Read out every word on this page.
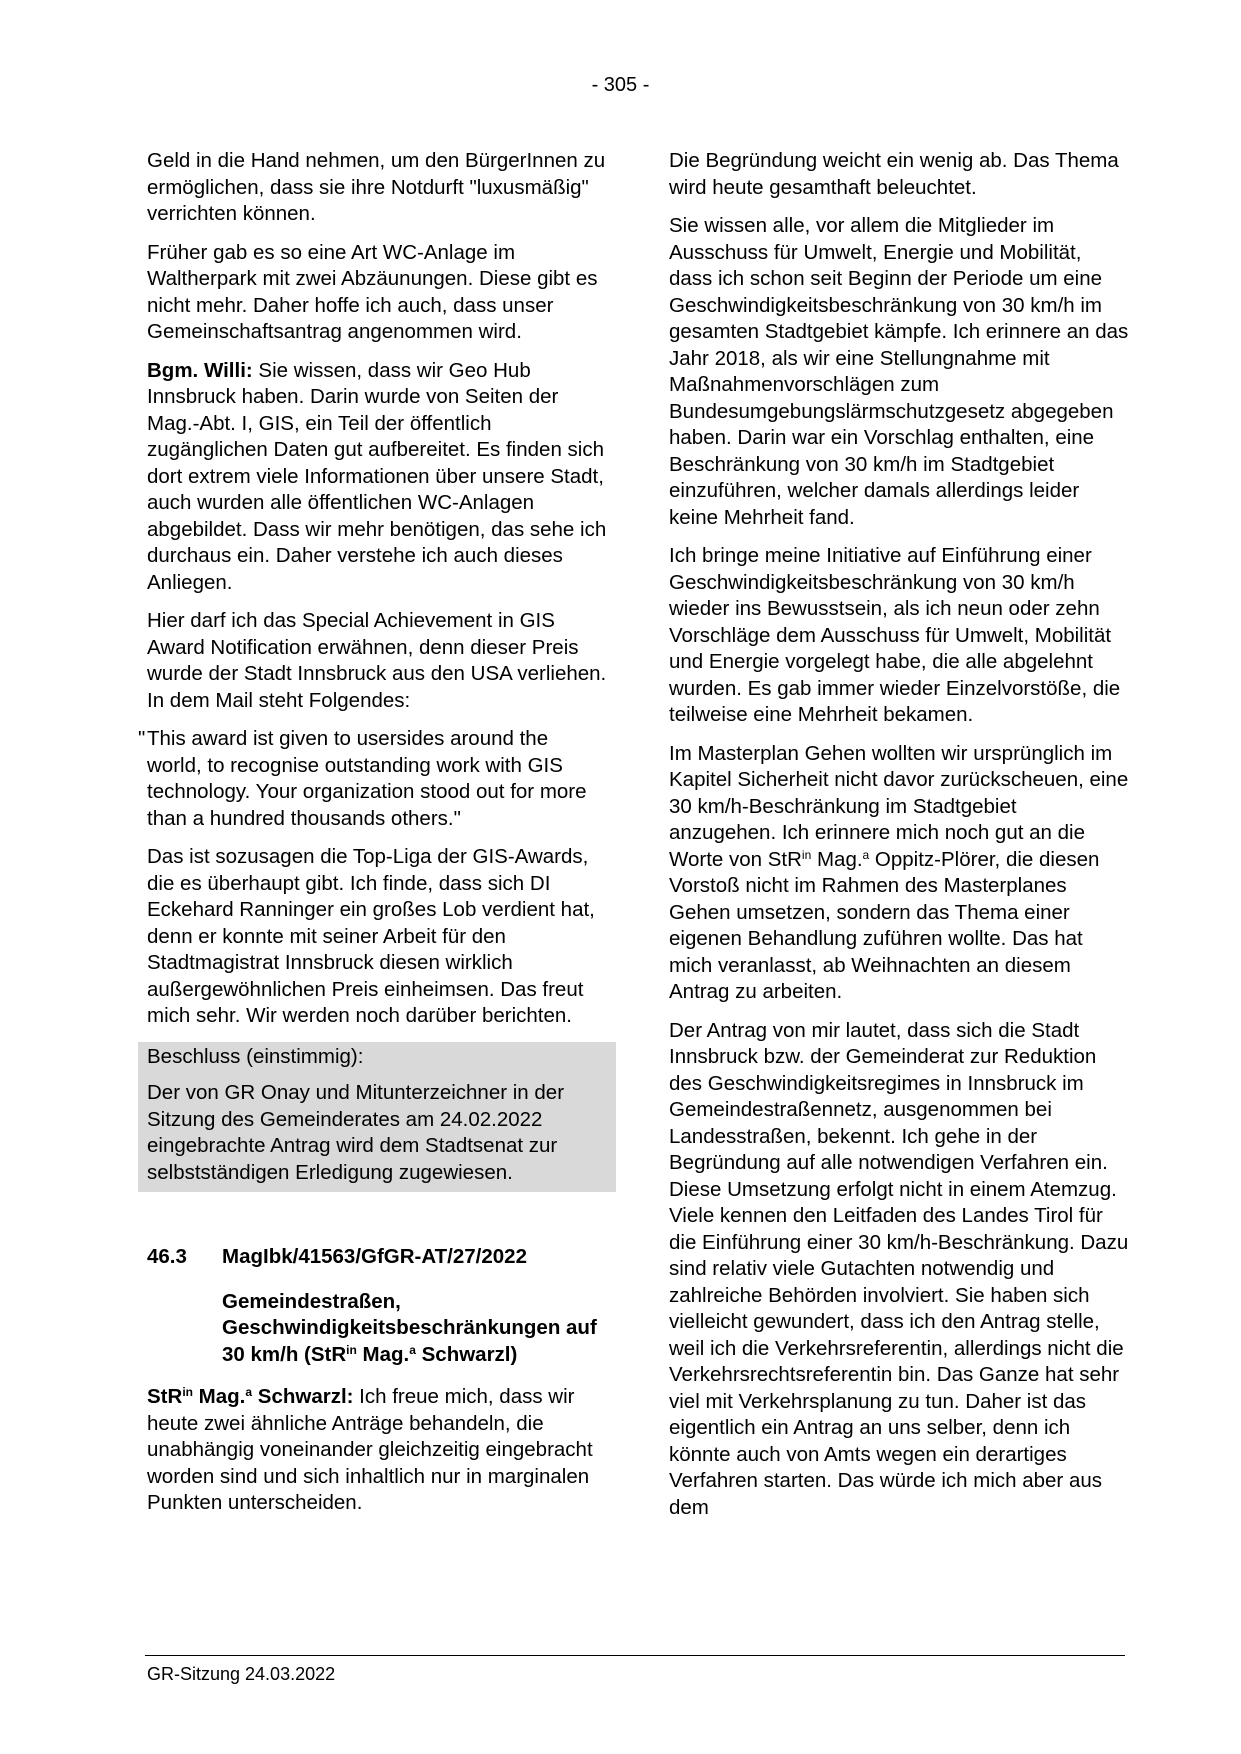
- 305 -

Geld in die Hand nehmen, um den BürgerInnen zu ermöglichen, dass sie ihre Notdurft "luxusmäßig" verrichten können.

Früher gab es so eine Art WC-Anlage im Waltherpark mit zwei Abzäunungen. Diese gibt es nicht mehr. Daher hoffe ich auch, dass unser Gemeinschaftsantrag angenommen wird.

Bgm. Willi: Sie wissen, dass wir Geo Hub Innsbruck haben. Darin wurde von Seiten der Mag.-Abt. I, GIS, ein Teil der öffentlich zugänglichen Daten gut aufbereitet. Es finden sich dort extrem viele Informationen über unsere Stadt, auch wurden alle öffentlichen WC-Anlagen abgebildet. Dass wir mehr benötigen, das sehe ich durchaus ein. Daher verstehe ich auch dieses Anliegen.

Hier darf ich das Special Achievement in GIS Award Notification erwähnen, denn dieser Preis wurde der Stadt Innsbruck aus den USA verliehen. In dem Mail steht Folgendes:

" This award ist given to usersides around the world, to recognise outstanding work with GIS technology. Your organization stood out for more than a hundred thousands others."

Das ist sozusagen die Top-Liga der GIS-Awards, die es überhaupt gibt. Ich finde, dass sich DI Eckehard Ranninger ein großes Lob verdient hat, denn er konnte mit seiner Arbeit für den Stadtmagistrat Innsbruck diesen wirklich außergewöhnlichen Preis einheimsen. Das freut mich sehr. Wir werden noch darüber berichten.

Beschluss (einstimmig):

Der von GR Onay und Mitunterzeichner in der Sitzung des Gemeinderates am 24.02.2022 eingebrachte Antrag wird dem Stadtsenat zur selbstständigen Erledigung zugewiesen.

46.3	MagIbk/41563/GfGR-AT/27/2022
Gemeindestraßen, Geschwindigkeitsbeschränkungen auf 30 km/h (StR$^{in}$ Mag.$^a$ Schwarzl)

StR$^{in}$ Mag.$^a$ Schwarzl: Ich freue mich, dass wir heute zwei ähnliche Anträge behandeln, die unabhängig voneinander gleichzeitig eingebracht worden sind und sich inhaltlich nur in marginalen Punkten unterscheiden.

Die Begründung weicht ein wenig ab. Das Thema wird heute gesamthaft beleuchtet.

Sie wissen alle, vor allem die Mitglieder im Ausschuss für Umwelt, Energie und Mobilität, dass ich schon seit Beginn der Periode um eine Geschwindigkeitsbeschränkung von 30 km/h im gesamten Stadtgebiet kämpfe. Ich erinnere an das Jahr 2018, als wir eine Stellungnahme mit Maßnahmenvorschlägen zum Bundesumgebungslärmschutzgesetz abgegeben haben. Darin war ein Vorschlag enthalten, eine Beschränkung von 30 km/h im Stadtgebiet einzuführen, welcher damals allerdings leider keine Mehrheit fand.

Ich bringe meine Initiative auf Einführung einer Geschwindigkeitsbeschränkung von 30 km/h wieder ins Bewusstsein, als ich neun oder zehn Vorschläge dem Ausschuss für Umwelt, Mobilität und Energie vorgelegt habe, die alle abgelehnt wurden. Es gab immer wieder Einzelvorstöße, die teilweise eine Mehrheit bekamen.

Im Masterplan Gehen wollten wir ursprünglich im Kapitel Sicherheit nicht davor zurückscheuen, eine 30 km/h-Beschränkung im Stadtgebiet anzugehen. Ich erinnere mich noch gut an die Worte von StR$^{in}$ Mag.$^a$ Oppitz-Plörer, die diesen Vorstoß nicht im Rahmen des Masterplanes Gehen umsetzen, sondern das Thema einer eigenen Behandlung zuführen wollte. Das hat mich veranlasst, ab Weihnachten an diesem Antrag zu arbeiten.

Der Antrag von mir lautet, dass sich die Stadt Innsbruck bzw. der Gemeinderat zur Reduktion des Geschwindigkeitsregimes in Innsbruck im Gemeindestraßennetz, ausgenommen bei Landesstraßen, bekennt. Ich gehe in der Begründung auf alle notwendigen Verfahren ein. Diese Umsetzung erfolgt nicht in einem Atemzug. Viele kennen den Leitfaden des Landes Tirol für die Einführung einer 30 km/h-Beschränkung. Dazu sind relativ viele Gutachten notwendig und zahlreiche Behörden involviert. Sie haben sich vielleicht gewundert, dass ich den Antrag stelle, weil ich die Verkehrsreferentin, allerdings nicht die Verkehrsrechtsreferentin bin. Das Ganze hat sehr viel mit Verkehrsplanung zu tun. Daher ist das eigentlich ein Antrag an uns selber, denn ich könnte auch von Amts wegen ein derartiges Verfahren starten. Das würde ich mich aber aus dem

GR-Sitzung 24.03.2022
